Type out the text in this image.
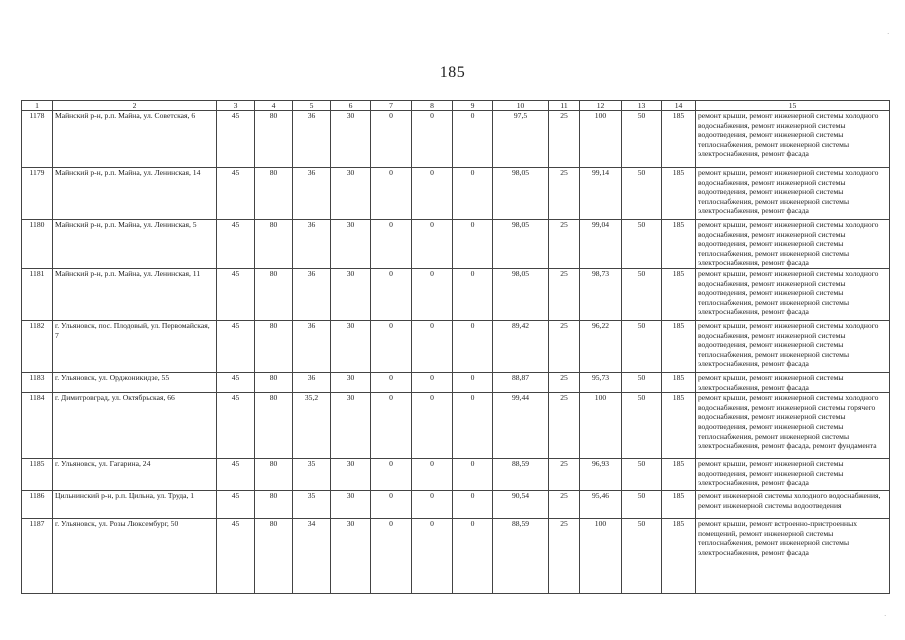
185
1	2	3	4	5	6	7	8	9	10	11	12	13	14	15
1178	Майнский р-н, р.п. Майна, ул. Советская, 6	45	80	36	30	0	0	0	97,5	25	100	50	185	ремонт крыши, ремонт инженерной системы холодного водоснабжения, ремонт инженерной системы водоотведения, ремонт инженерной системы теплоснабжения, ремонт инженерной системы электроснабжения, ремонт фасада
1179	Майнский р-н, р.п. Майна, ул. Ленинская, 14	45	80	36	30	0	0	0	98,05	25	99,14	50	185	ремонт крыши, ремонт инженерной системы холодного водоснабжения, ремонт инженерной системы водоотведения, ремонт инженерной системы теплоснабжения, ремонт инженерной системы электроснабжения, ремонт фасада
1180	Майнский р-н, р.п. Майна, ул. Ленинская, 5	45	80	36	30	0	0	0	98,05	25	99,04	50	185	ремонт крыши, ремонт инженерной системы холодного водоснабжения, ремонт инженерной системы водоотведения, ремонт инженерной системы теплоснабжения, ремонт инженерной системы электроснабжения, ремонт фасада
1181	Майнский р-н, р.п. Майна, ул. Ленинская, 11	45	80	36	30	0	0	0	98,05	25	98,73	50	185	ремонт крыши, ремонт инженерной системы холодного водоснабжения, ремонт инженерной системы водоотведения, ремонт инженерной системы теплоснабжения, ремонт инженерной системы электроснабжения, ремонт фасада
1182	г. Ульяновск, пос. Плодовый, ул. Первомайская, 7	45	80	36	30	0	0	0	89,42	25	96,22	50	185	ремонт крыши, ремонт инженерной системы холодного водоснабжения, ремонт инженерной системы водоотведения, ремонт инженерной системы теплоснабжения, ремонт инженерной системы электроснабжения, ремонт фасада
1183	г. Ульяновск, ул. Орджоникидзе, 55	45	80	36	30	0	0	0	88,87	25	95,73	50	185	ремонт крыши, ремонт инженерной системы электроснабжения, ремонт фасада
1184	г. Димитровград, ул. Октябрьская, 66	45	80	35,2	30	0	0	0	99,44	25	100	50	185	ремонт крыши, ремонт инженерной системы холодного водоснабжения, ремонт инженерной системы горячего водоснабжения, ремонт инженерной системы водоотведения, ремонт инженерной системы теплоснабжения, ремонт инженерной системы электроснабжения, ремонт фасада, ремонт фундамента
1185	г. Ульяновск, ул. Гагарина, 24	45	80	35	30	0	0	0	88,59	25	96,93	50	185	ремонт крыши, ремонт инженерной системы водоотведения, ремонт инженерной системы электроснабжения, ремонт фасада
1186	Цильнинский р-н, р.п. Цильна, ул. Труда, 1	45	80	35	30	0	0	0	90,54	25	95,46	50	185	ремонт инженерной системы холодного водоснабжения, ремонт инженерной системы водоотведения
1187	г. Ульяновск, ул. Розы Люксембург, 50	45	80	34	30	0	0	0	88,59	25	100	50	185	ремонт крыши, ремонт встроенно-пристроенных помещений, ремонт инженерной системы теплоснабжения, ремонт инженерной системы электроснабжения, ремонт фасада
·
·
